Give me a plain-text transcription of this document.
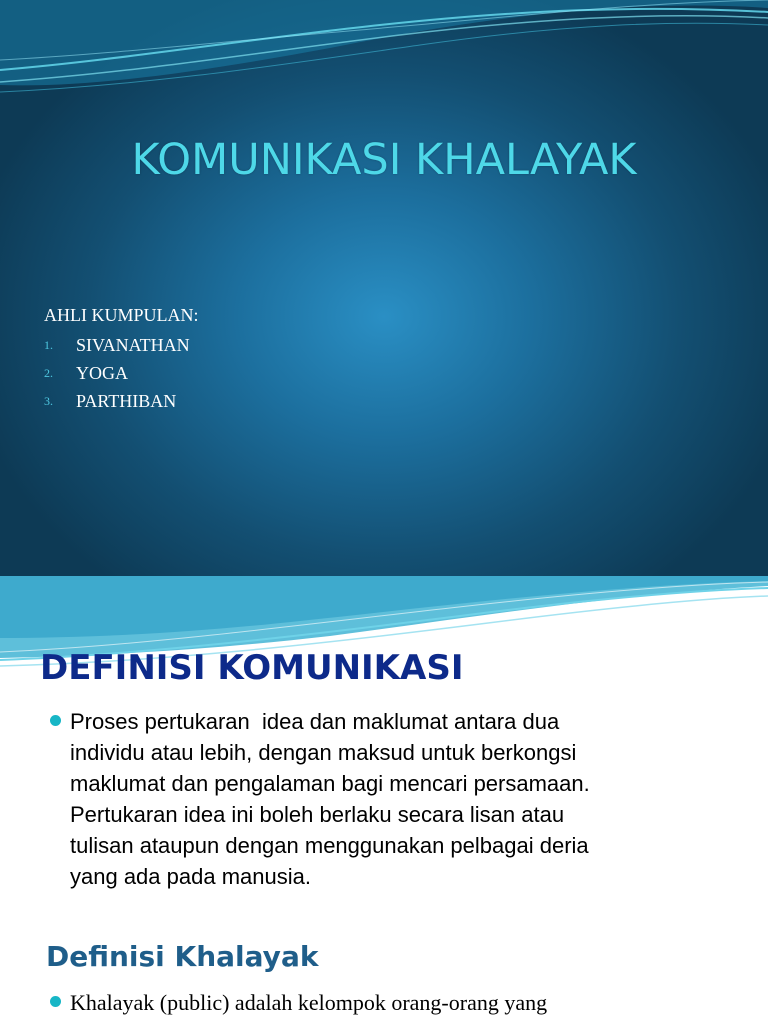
KOMUNIKASI KHALAYAK
AHLI KUMPULAN:
1.	SIVANATHAN
2.	YOGA
3.	PARTHIBAN
DEFINISI KOMUNIKASI
Proses pertukaran  idea dan maklumat antara dua
individu atau lebih, dengan maksud untuk berkongsi
maklumat dan pengalaman bagi mencari persamaan.
Pertukaran idea ini boleh berlaku secara lisan atau
tulisan ataupun dengan menggunakan pelbagai deria
yang ada pada manusia.
Definisi Khalayak
Khalayak (public) adalah kelompok orang-orang yang
